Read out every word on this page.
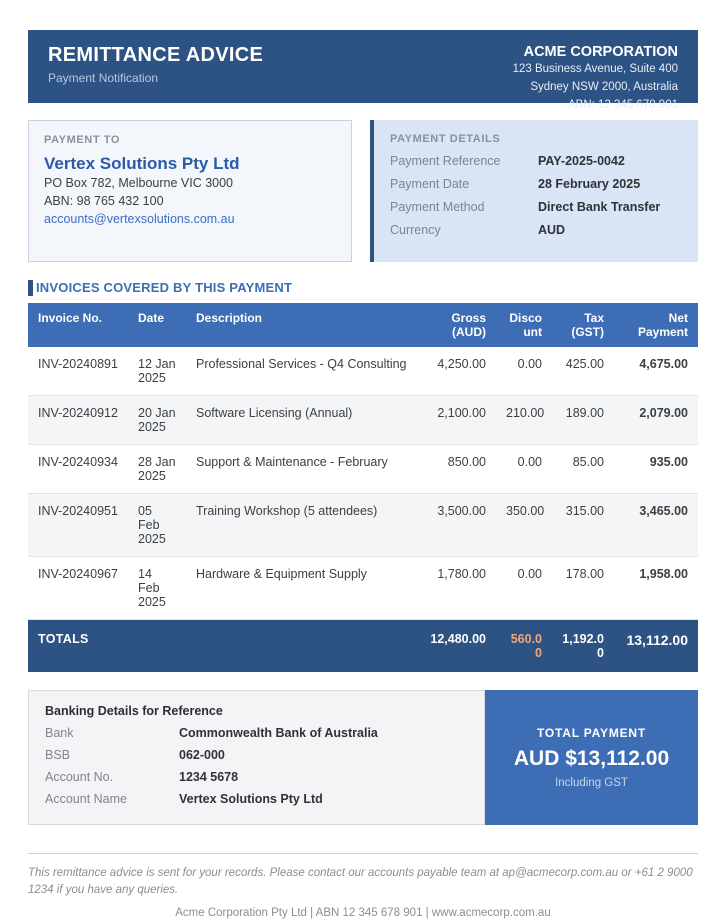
REMITTANCE ADVICE
Payment Notification
ACME CORPORATION
123 Business Avenue, Suite 400
Sydney NSW 2000, Australia
ABN: 12 345 678 901
PAYMENT TO
Vertex Solutions Pty Ltd
PO Box 782, Melbourne VIC 3000
ABN: 98 765 432 100
accounts@vertexsolutions.com.au
PAYMENT DETAILS
Payment Reference	PAY-2025-0042
Payment Date	28 February 2025
Payment Method	Direct Bank Transfer
Currency	AUD
INVOICES COVERED BY THIS PAYMENT
Invoice No.	Date	Description	Gross (AUD)	Discount	Tax (GST)	Net Payment
INV-20240891	12 Jan 2025	Professional Services - Q4 Consulting	4,250.00	0.00	425.00	4,675.00
INV-20240912	20 Jan 2025	Software Licensing (Annual)	2,100.00	210.00	189.00	2,079.00
INV-20240934	28 Jan 2025	Support & Maintenance - February	850.00	0.00	85.00	935.00
INV-20240951	05 Feb 2025	Training Workshop (5 attendees)	3,500.00	350.00	315.00	3,465.00
INV-20240967	14 Feb 2025	Hardware & Equipment Supply	1,780.00	0.00	178.00	1,958.00
TOTALS			12,480.00	560.00	1,192.00	13,112.00
Banking Details for Reference
Bank	Commonwealth Bank of Australia
BSB	062-000
Account No.	1234 5678
Account Name	Vertex Solutions Pty Ltd
TOTAL PAYMENT
AUD $13,112.00
Including GST
This remittance advice is sent for your records. Please contact our accounts payable team at ap@acmecorp.com.au or +61 2 9000 1234 if you have any queries.
Acme Corporation Pty Ltd | ABN 12 345 678 901 | www.acmecorp.com.au
